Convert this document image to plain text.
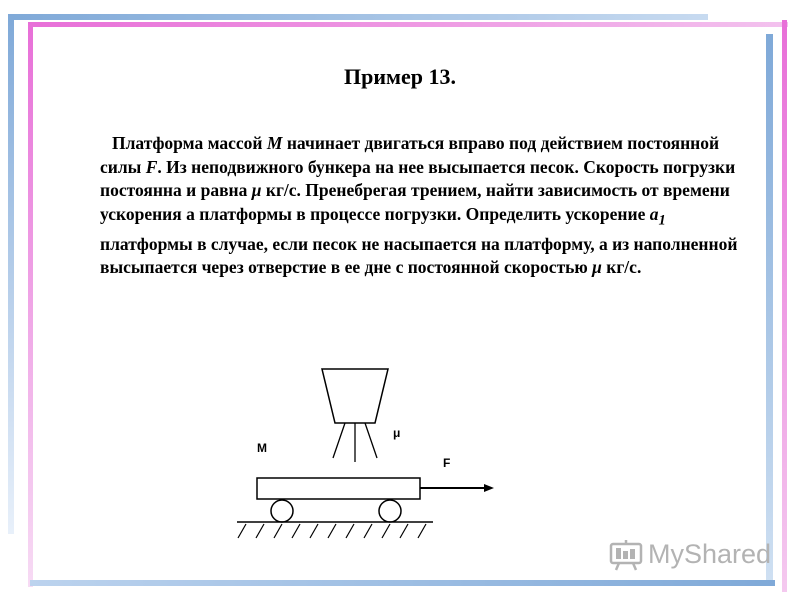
Пример 13.

Платформа массой M начинает двигаться вправо под действием постоянной силы F. Из неподвижного бункера на нее высыпается песок. Скорость погрузки постоянна и равна μ кг/с. Пренебрегая трением, найти зависимость от времени ускорения а платформы в процессе погрузки. Определить ускорение $a_1$ платформы в случае, если песок не насыпается на платформу, а из наполненной высыпается через отверстие в ее дне с постоянной скоростью μ кг/с.

M
μ
F
MyShared
